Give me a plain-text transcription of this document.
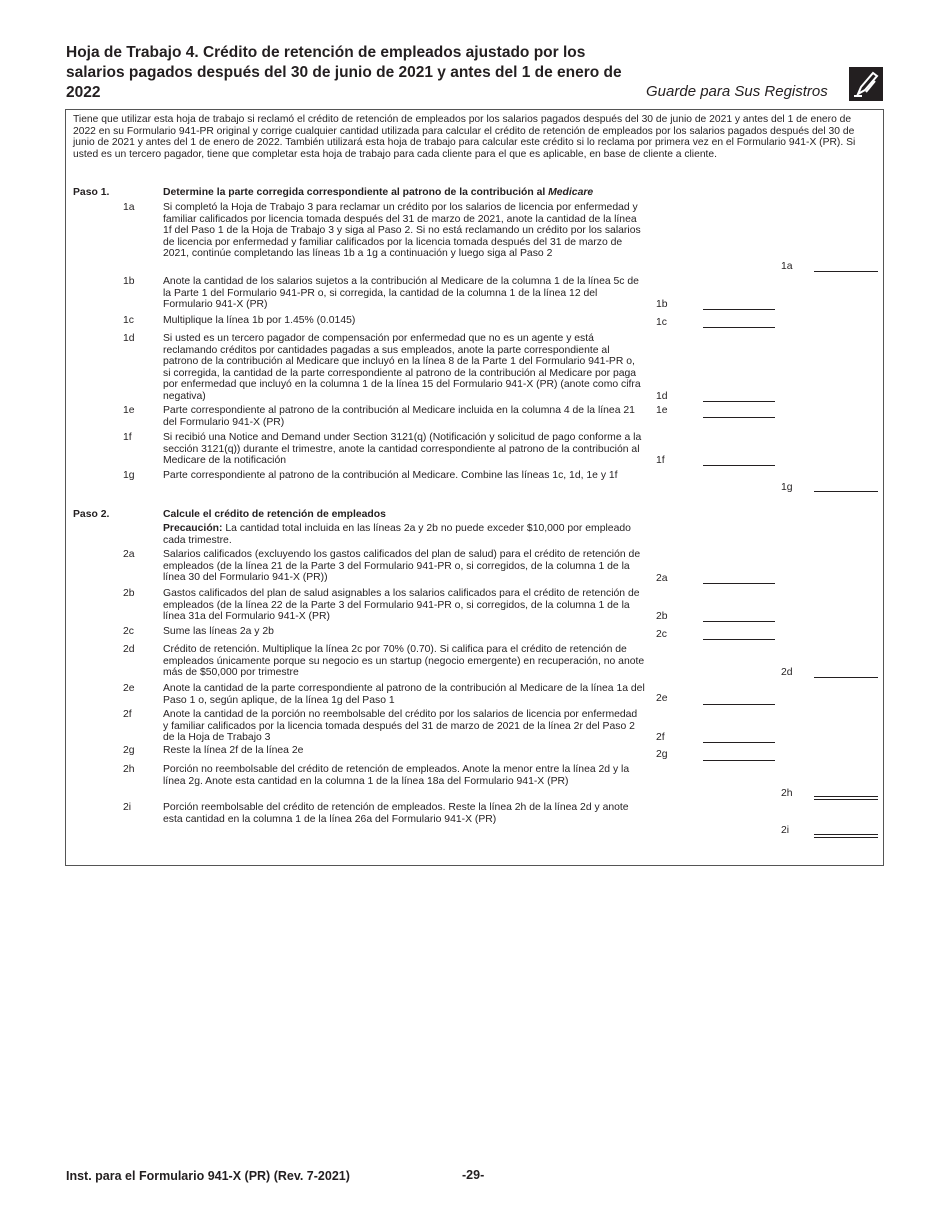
Hoja de Trabajo 4. Crédito de retención de empleados ajustado por los salarios pagados después del 30 de junio de 2021 y antes del 1 de enero de 2022	Guarde para Sus Registros

Tiene que utilizar esta hoja de trabajo si reclamó el crédito de retención de empleados por los salarios pagados después del 30 de junio de 2021 y antes del 1 de enero de 2022 en su Formulario 941-PR original y corrige cualquier cantidad utilizada para calcular el crédito de retención de empleados por los salarios pagados después del 30 de junio de 2021 y antes del 1 de enero de 2022. También utilizará esta hoja de trabajo para calcular este crédito si lo reclama por primera vez en el Formulario 941-X (PR). Si usted es un tercero pagador, tiene que completar esta hoja de trabajo para cada cliente para el que es aplicable, en base de cliente a cliente.

Paso 1.	Determine la parte corregida correspondiente al patrono de la contribución al Medicare
1a	Si completó la Hoja de Trabajo 3 para reclamar un crédito por los salarios de licencia por enfermedad y familiar calificados por licencia tomada después del 31 de marzo de 2021, anote la cantidad de la línea 1f del Paso 1 de la Hoja de Trabajo 3 y siga al Paso 2. Si no está reclamando un crédito por los salarios de licencia por enfermedad y familiar calificados por la licencia tomada después del 31 de marzo de 2021, continúe completando las líneas 1b a 1g a continuación y luego siga al Paso 2
1a
1b	Anote la cantidad de los salarios sujetos a la contribución al Medicare de la columna 1 de la línea 5c de la Parte 1 del Formulario 941-PR o, si corregida, la cantidad de la columna 1 de la línea 12 del Formulario 941-X (PR)	1b
1c	Multiplique la línea 1b por 1.45% (0.0145)	1c
1d	Si usted es un tercero pagador de compensación por enfermedad que no es un agente y está reclamando créditos por cantidades pagadas a sus empleados, anote la parte correspondiente al patrono de la contribución al Medicare que incluyó en la línea 8 de la Parte 1 del Formulario 941-PR o, si corregida, la cantidad de la parte correspondiente al patrono de la contribución al Medicare por paga por enfermedad que incluyó en la columna 1 de la línea 15 del Formulario 941-X (PR) (anote como cifra negativa)	1d
1e	Parte correspondiente al patrono de la contribución al Medicare incluida en la columna 4 de la línea 21 del Formulario 941-X (PR)
1e
1f	Si recibió una Notice and Demand under Section 3121(q) (Notificación y solicitud de pago conforme a la sección 3121(q)) durante el trimestre, anote la cantidad correspondiente al patrono de la contribución al Medicare de la notificación	1f
1g	Parte correspondiente al patrono de la contribución al Medicare. Combine las líneas 1c, 1d, 1e y 1f
1g
Paso 2.	Calcule el crédito de retención de empleados
Precaución: La cantidad total incluida en las líneas 2a y 2b no puede exceder $10,000 por empleado cada trimestre.
2a	Salarios calificados (excluyendo los gastos calificados del plan de salud) para el crédito de retención de empleados (de la línea 21 de la Parte 3 del Formulario 941-PR o, si corregidos, de la columna 1 de la línea 30 del Formulario 941-X (PR))	2a
2b	Gastos calificados del plan de salud asignables a los salarios calificados para el crédito de retención de empleados (de la línea 22 de la Parte 3 del Formulario 941-PR o, si corregidos, de la columna 1 de la línea 31a del Formulario 941-X (PR)	2b
2c	Sume las líneas 2a y 2b	2c
2d	Crédito de retención. Multiplique la línea 2c por 70% (0.70). Si califica para el crédito de retención de empleados únicamente porque su negocio es un startup (negocio emergente) en recuperación, no anote más de $50,000 por trimestre	2d
2e	Anote la cantidad de la parte correspondiente al patrono de la contribución al Medicare de la línea 1a del Paso 1 o, según aplique, de la línea 1g del Paso 1	2e
2f	Anote la cantidad de la porción no reembolsable del crédito por los salarios de licencia por enfermedad y familiar calificados por la licencia tomada después del 31 de marzo de 2021 de la línea 2r del Paso 2 de la Hoja de Trabajo 3	2f
2g	Reste la línea 2f de la línea 2e	2g
2h	Porción no reembolsable del crédito de retención de empleados. Anote la menor entre la línea 2d y la línea 2g. Anote esta cantidad en la columna 1 de la línea 18a del Formulario 941-X (PR)
2h
2i	Porción reembolsable del crédito de retención de empleados. Reste la línea 2h de la línea 2d y anote esta cantidad en la columna 1 de la línea 26a del Formulario 941-X (PR)
2i
Inst. para el Formulario 941-X (PR) (Rev. 7-2021)	-29-
